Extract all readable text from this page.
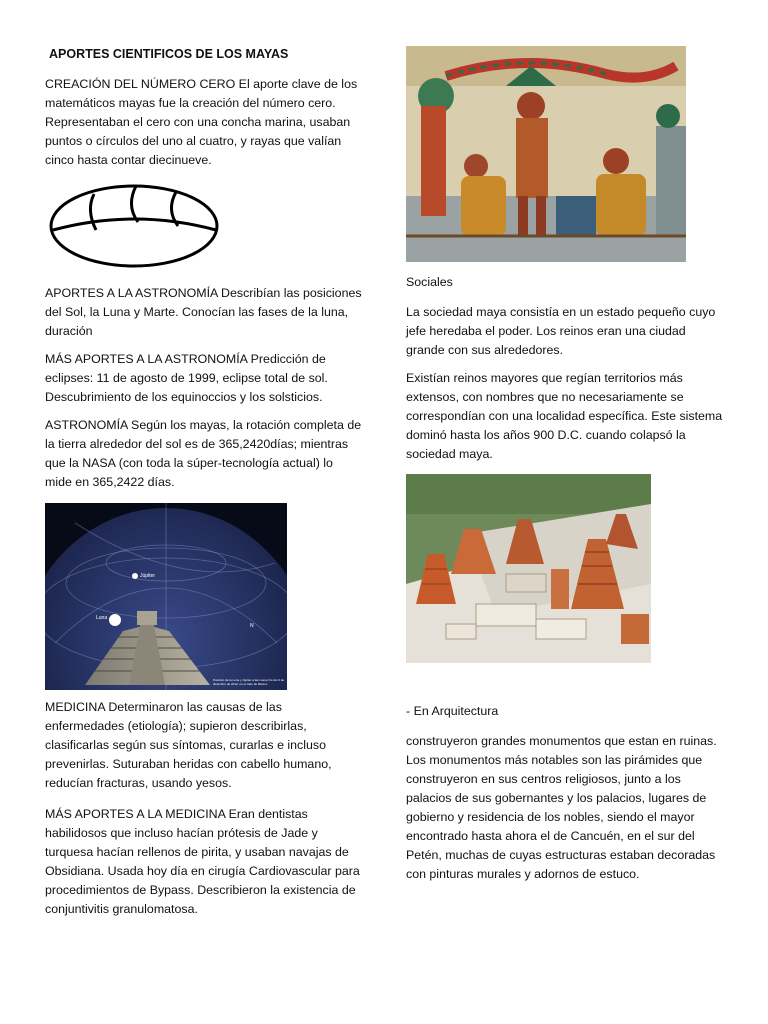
APORTES CIENTIFICOS DE LOS MAYAS

CREACIÓN DEL NÚMERO CERO El aporte clave de los matemáticos mayas fue la creación del número cero. Representaban el cero con una concha marina, usaban puntos o círculos del uno al cuatro, y rayas que valían cinco hasta contar diecinueve.

APORTES A LA ASTRONOMÍA Describían las posiciones del Sol, la Luna y Marte. Conocían las fases de la luna, duración

MÁS APORTES A LA ASTRONOMÍA Predicción de eclipses: 11 de agosto de 1999, eclipse total de sol. Descubrimiento de los equinoccios y los solsticios.

ASTRONOMÍA Según los mayas, la rotación completa de la tierra alrededor del sol es de 365,2420días; mientras que la NASA (con toda la súper-tecnología actual) lo mide en 365,2422 días.

Júpiter
Luna
N
Posición de la Luna y Júpiter a las nueve hrs del 4 de diciembre de 2012, en el cielo de México

MEDICINA Determinaron las causas de las enfermedades (etiología); supieron describirlas, clasificarlas según sus síntomas, curarlas e incluso prevenirlas. Suturaban heridas con cabello humano, reducían fracturas, usando yesos.

MÁS APORTES A LA MEDICINA Eran dentistas habilidosos que incluso hacían prótesis de Jade y turquesa hacían rellenos de pirita, y usaban navajas de Obsidiana. Usada hoy día en cirugía Cardiovascular para procedimientos de Bypass. Describieron la existencia de conjuntivitis granulomatosa.

Sociales

La sociedad maya consistía en un estado pequeño cuyo jefe heredaba el poder. Los reinos eran una ciudad grande con sus alrededores.

Existían reinos mayores que regían territorios más extensos, con nombres que no necesariamente se correspondían con una localidad específica. Este sistema dominó hasta los años 900 D.C. cuando colapsó la sociedad maya.

- En Arquitectura

construyeron grandes monumentos que estan en ruinas. Los monumentos más notables son las pirámides que construyeron en sus centros religiosos, junto a los palacios de sus gobernantes y los palacios, lugares de gobierno y residencia de los nobles, siendo el mayor encontrado hasta ahora el de Cancuén, en el sur del Petén, muchas de cuyas estructuras estaban decoradas con pinturas murales y adornos de estuco.
